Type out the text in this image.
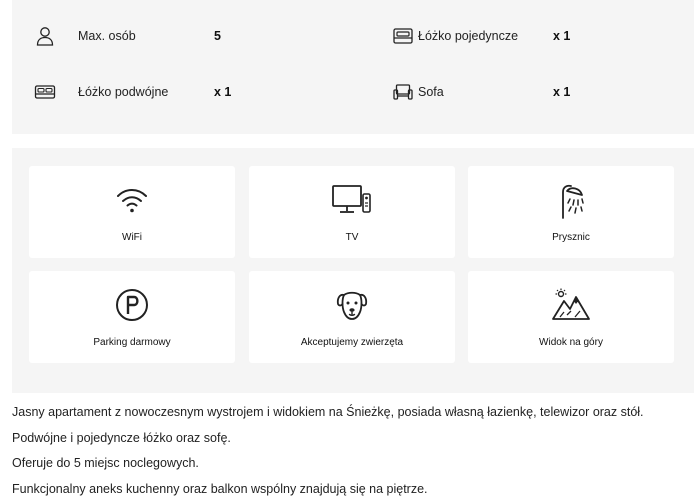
Max. osób	5	Łóżko pojedyncze	x 1
Łóżko podwójne	x 1	Sofa	x 1
WiFi	TV	Prysznic
Parking darmowy	Akceptujemy zwierzęta	Widok na góry

Jasny apartament z nowoczesnym wystrojem i widokiem na Śnieżkę, posiada własną łazienkę, telewizor oraz stół.

Podwójne i pojedyncze łóżko oraz sofę.

Oferuje do 5 miejsc noclegowych.

Funkcjonalny aneks kuchenny oraz balkon wspólny znajdują się na piętrze.
